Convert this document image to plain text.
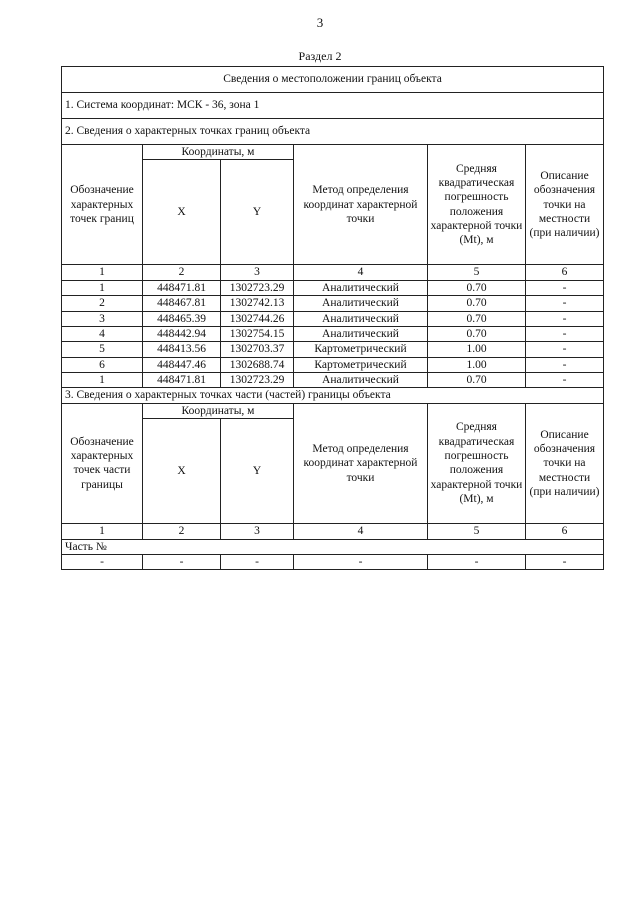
3
Раздел 2
Сведения о местоположении границ объекта					
1. Система координат: МСК - 36, зона 1					
2. Сведения о характерных точках границ объекта					
Обозначение характерных точек границ	Координаты, м		Метод определения координат характерной точки	Средняя квадратическая погрешность положения характерной точки (Mt), м	Описание обозначения точки на местности (при наличии)
	X	Y			
1	2	3	4	5	6
1	448471.81	1302723.29	Аналитический	0.70	-
2	448467.81	1302742.13	Аналитический	0.70	-
3	448465.39	1302744.26	Аналитический	0.70	-
4	448442.94	1302754.15	Аналитический	0.70	-
5	448413.56	1302703.37	Картометрический	1.00	-
6	448447.46	1302688.74	Картометрический	1.00	-
1	448471.81	1302723.29	Аналитический	0.70	-
3. Сведения о характерных точках части (частей) границы объекта					
Обозначение характерных точек части границы	Координаты, м		Метод определения координат характерной точки	Средняя квадратическая погрешность положения характерной точки (Mt), м	Описание обозначения точки на местности (при наличии)
	X	Y			
1	2	3	4	5	6
Часть №					
-	-	-	-	-	-
